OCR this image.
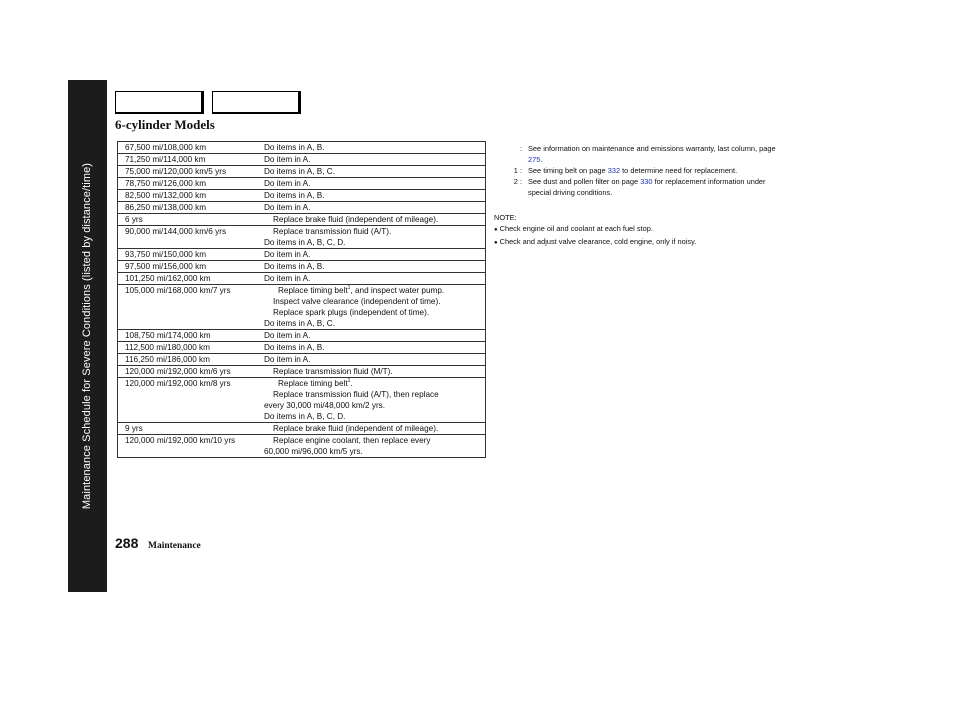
Maintenance Schedule for Severe Conditions (listed by distance/time)
6-cylinder Models
67,500 mi/108,000 km	Do items in A, B.

71,250 mi/114,000 km	Do item in A.

75,000 mi/120,000 km/5 yrs	Do items in A, B, C.

78,750 mi/126,000 km	Do item in A.

82,500 mi/132,000 km	Do items in A, B.

86,250 mi/138,000 km	Do item in A.

6 yrs	Replace brake fluid (independent of mileage).

90,000 mi/144,000 km/6 yrs	Replace transmission fluid (A/T).
Do items in A, B, C, D.

93,750 mi/150,000 km	Do item in A.

97,500 mi/156,000 km	Do items in A, B.

101,250 mi/162,000 km	Do item in A.

105,000 mi/168,000 km/7 yrs	Replace timing belt$^1$, and inspect water pump.
Inspect valve clearance (independent of time).
Replace spark plugs (independent of time).
Do items in A, B, C.

108,750 mi/174,000 km	Do item in A.

112,500 mi/180,000 km	Do items in A, B.

116,250 mi/186,000 km	Do item in A.

120,000 mi/192,000 km/6 yrs	Replace transmission fluid (M/T).

120,000 mi/192,000 km/8 yrs	Replace timing belt$^1$.
Replace transmission fluid (A/T), then replace
every 30,000 mi/48,000 km/2 yrs.
Do items in A, B, C, D.

9 yrs	Replace brake fluid (independent of mileage).

120,000 mi/192,000 km/10 yrs	Replace engine coolant, then replace every
60,000 mi/96,000 km/5 yrs.
: See information on maintenance and emissions warranty, last column, page 275.
1 : See timing belt on page 332 to determine need for replacement.
2 : See dust and pollen filter on page 330 for replacement information under special driving conditions.
NOTE:
● Check engine oil and coolant at each fuel stop.
● Check and adjust valve clearance, cold engine, only if noisy.
288 Maintenance
